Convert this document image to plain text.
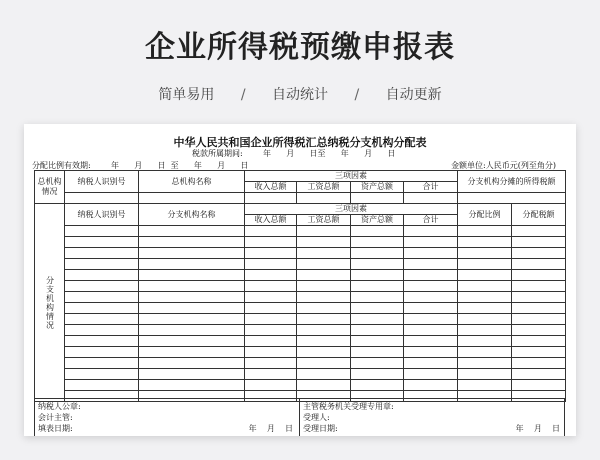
企业所得税预缴申报表
简单易用 / 自动统计 / 自动更新
中华人民共和国企业所得税汇总纳税分支机构分配表
税款所属期间:        年      月      日至      年      月      日
分配比例有效期:        年      月      日  至      年      月      日	金额单位:人民币元(列至角分)
总机构情况	纳税人识别号	总机构名称	三项因素				分支机构分摊的所得税额	
			收入总额	工资总额	资产总额	合计		

分支机构情况	纳税人识别号	分支机构名称	三项因素				分配比例	分配税额
			收入总额	工资总额	资产总额	合计		

纳税人公章:
会计主管:
填表日期:	年    月    日
主管税务机关受理专用章:
受理人:
受理日期:	年    月    日
